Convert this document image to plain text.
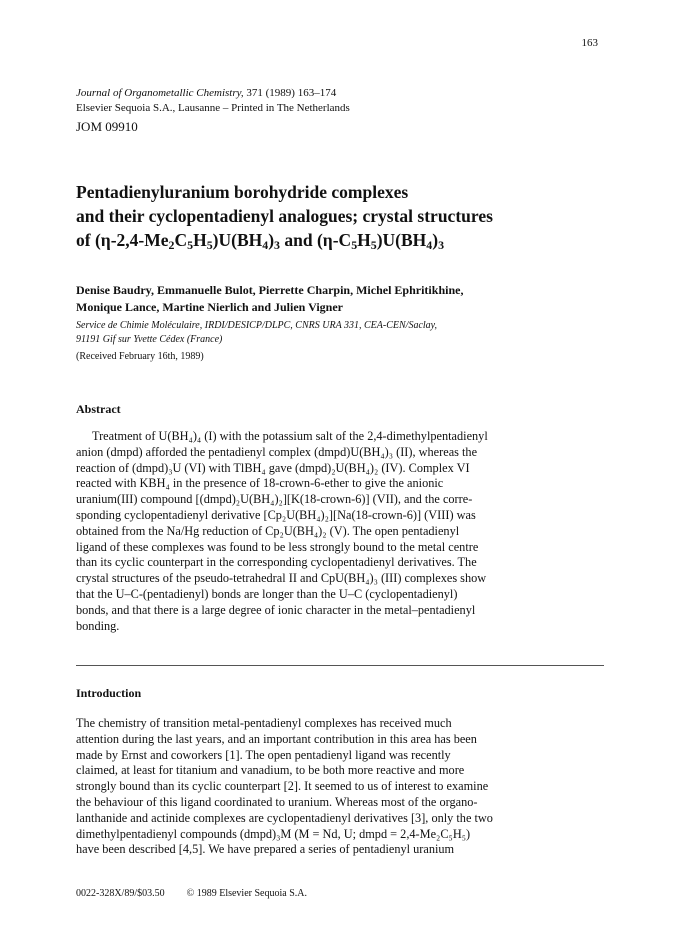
163
Journal of Organometallic Chemistry, 371 (1989) 163–174
Elsevier Sequoia S.A., Lausanne – Printed in The Netherlands
JOM 09910
Pentadienyluranium borohydride complexes
and their cyclopentadienyl analogues; crystal structures
of $(\eta-2,4-Me_2C_5H_5)U(BH_4)_3$ and $(\eta-C_5H_5)U(BH_4)_3$
Denise Baudry, Emmanuelle Bulot, Pierrette Charpin, Michel Ephritikhine,
Monique Lance, Martine Nierlich and Julien Vigner
Service de Chimie Moléculaire, IRDI/DESICP/DLPC, CNRS URA 331, CEA-CEN/Saclay,
91191 Gif sur Yvette Cédex (France)
(Received February 16th, 1989)
Abstract
Treatment of U(BH₄)₄ (I) with the potassium salt of the 2,4-dimethylpentadienyl
anion (dmpd) afforded the pentadienyl complex (dmpd)U(BH₄)₃ (II), whereas the
reaction of (dmpd)₃U (VI) with TlBH₄ gave (dmpd)₂U(BH₄)₂ (IV). Complex VI
reacted with KBH₄ in the presence of 18-crown-6-ether to give the anionic
uranium(III) compound [(dmpd)₂U(BH₄)₂][K(18-crown-6)] (VII), and the corre-
sponding cyclopentadienyl derivative [Cp₂U(BH₄)₂][Na(18-crown-6)] (VIII) was
obtained from the Na/Hg reduction of Cp₂U(BH₄)₂ (V). The open pentadienyl
ligand of these complexes was found to be less strongly bound to the metal centre
than its cyclic counterpart in the corresponding cyclopentadienyl derivatives. The
crystal structures of the pseudo-tetrahedral II and CpU(BH₄)₃ (III) complexes show
that the U–C-(pentadienyl) bonds are longer than the U–C (cyclopentadienyl)
bonds, and that there is a large degree of ionic character in the metal–pentadienyl
bonding.
Introduction
The chemistry of transition metal-pentadienyl complexes has received much
attention during the last years, and an important contribution in this area has been
made by Ernst and coworkers [1]. The open pentadienyl ligand was recently
claimed, at least for titanium and vanadium, to be both more reactive and more
strongly bound than its cyclic counterpart [2]. It seemed to us of interest to examine
the behaviour of this ligand coordinated to uranium. Whereas most of the organo-
lanthanide and actinide complexes are cyclopentadienyl derivatives [3], only the two
dimethylpentadienyl compounds (dmpd)₃M (M = Nd, U; dmpd = 2,4-Me₂C₅H₅)
have been described [4,5]. We have prepared a series of pentadienyl uranium
0022-328X/89/$03.50 © 1989 Elsevier Sequoia S.A.
